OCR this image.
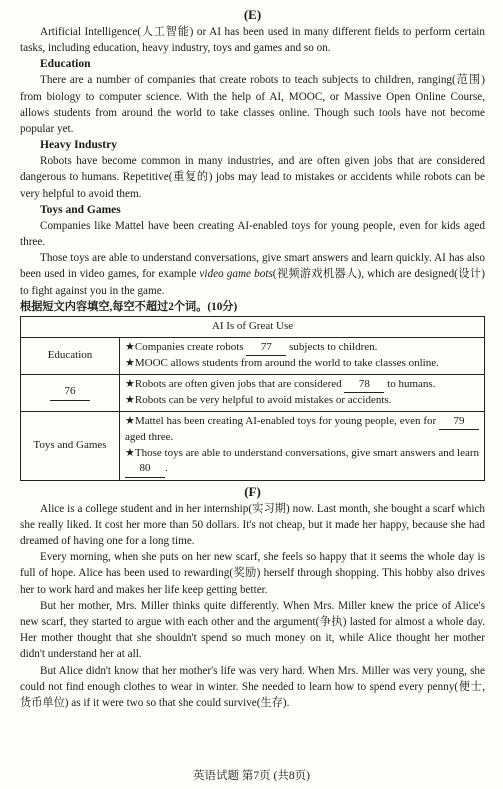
(E)

Artificial Intelligence(人工智能) or AI has been used in many different fields to perform certain tasks, including education, heavy industry, toys and games and so on.

Education

There are a number of companies that create robots to teach subjects to children, ranging(范围) from biology to computer science. With the help of AI, MOOC, or Massive Open Online Course, allows students from around the world to take classes online. Though such tools have not become popular yet.

Heavy Industry

Robots have become common in many industries, and are often given jobs that are considered dangerous to humans. Repetitive(重复的) jobs may lead to mistakes or accidents while robots can be very helpful to avoid them.

Toys and Games

Companies like Mattel have been creating AI-enabled toys for young people, even for kids aged three.

Those toys are able to understand conversations, give smart answers and learn quickly. AI has also been used in video games, for example video game bots(视频游戏机器人), which are designed(设计) to fight against you in the game.

根据短文内容填空,每空不超过2个词。(10分)

AI Is of Great Use	
Education	★Companies create robots 77 subjects to children.
★MOOC allows students from around the world to take classes online.

76	★Robots are often given jobs that are considered 78 to humans.
★Robots can be very helpful to avoid mistakes or accidents.

Toys and Games	★Mattel has been creating AI-enabled toys for young people, even for 79 aged three.
★Those toys are able to understand conversations, give smart answers and learn 80 .
(F)

Alice is a college student and in her internship(实习期) now. Last month, she bought a scarf which she really liked. It cost her more than 50 dollars. It's not cheap, but it made her happy, because she had dreamed of having one for a long time.

Every morning, when she puts on her new scarf, she feels so happy that it seems the whole day is full of hope. Alice has been used to rewarding(奖励) herself through shopping. This hobby also drives her to work hard and makes her life keep getting better.

But her mother, Mrs. Miller thinks quite differently. When Mrs. Miller knew the price of Alice's new scarf, they started to argue with each other and the argument(争执) lasted for almost a whole day. Her mother thought that she shouldn't spend so much money on it, while Alice thought her mother didn't understand her at all.

But Alice didn't know that her mother's life was very hard. When Mrs. Miller was very young, she could not find enough clothes to wear in winter. She needed to learn how to spend every penny(便士,货币单位) as if it were two so that she could survive(生存).

英语试题 第7页 (共8页)
